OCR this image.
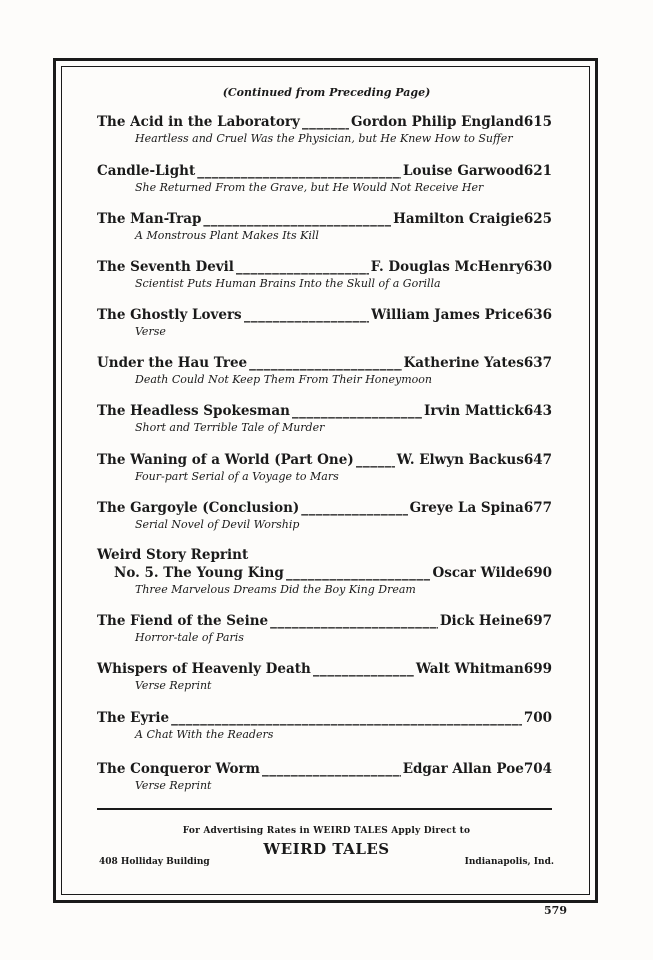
(Continued from Preceding Page)
The Acid in the Laboratory _____	Gordon Philip England 615
Heartless and Cruel Was the Physician, but He Knew How to Suffer
Candle-Light _____	Louise Garwood 621
She Returned From the Grave, but He Would Not Receive Her
The Man-Trap _____	Hamilton Craigie 625
A Monstrous Plant Makes Its Kill
The Seventh Devil _____	F. Douglas McHenry 630
Scientist Puts Human Brains Into the Skull of a Gorilla
The Ghostly Lovers _____	William James Price 636
Verse
Under the Hau Tree _____	Katherine Yates 637
Death Could Not Keep Them From Their Honeymoon
The Headless Spokesman _____	Irvin Mattick 643
Short and Terrible Tale of Murder
The Waning of a World (Part One) _____	W. Elwyn Backus 647
Four-part Serial of a Voyage to Mars
The Gargoyle (Conclusion) _____	Greye La Spina 677
Serial Novel of Devil Worship
Weird Story Reprint
No. 5. The Young King _____	Oscar Wilde 690
Three Marvelous Dreams Did the Boy King Dream
The Fiend of the Seine _____	Dick Heine 697
Horror-tale of Paris
Whispers of Heavenly Death _____	Walt Whitman 699
Verse Reprint
The Eyrie _____	700
A Chat With the Readers
The Conqueror Worm _____	Edgar Allan Poe 704
Verse Reprint
For Advertising Rates in WEIRD TALES Apply Direct to
WEIRD TALES
408 Holliday Building	Indianapolis, Ind.
579
